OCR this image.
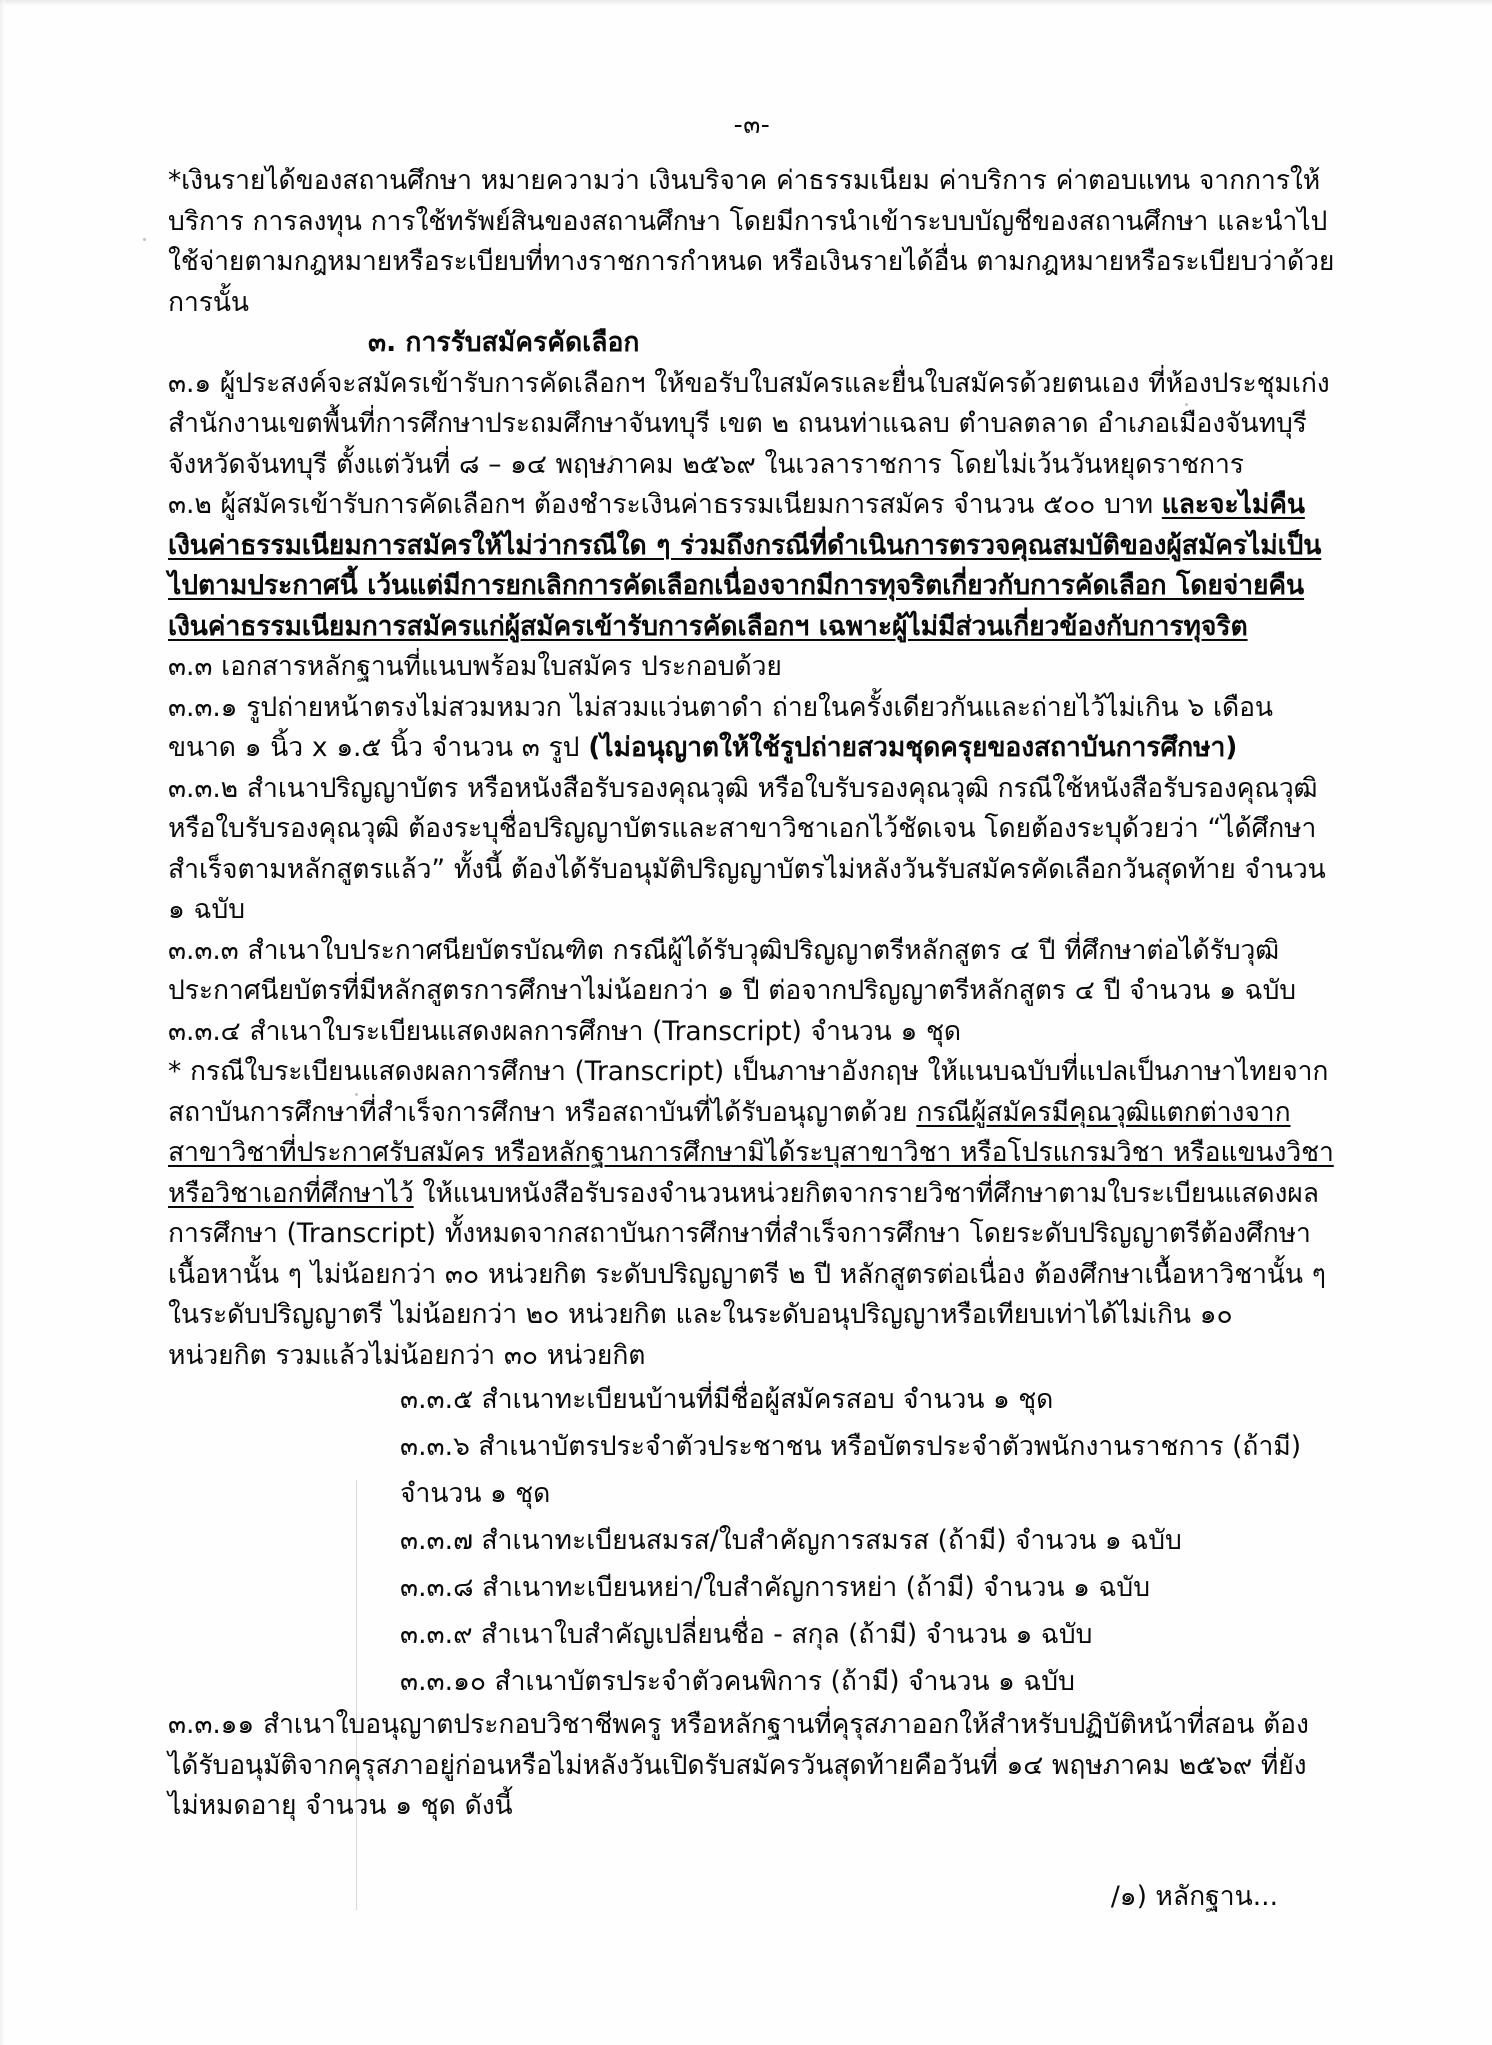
-๓-

*เงินรายได้ของสถานศึกษา หมายความว่า เงินบริจาค ค่าธรรมเนียม ค่าบริการ ค่าตอบแทน จากการให้บริการ การลงทุน การใช้ทรัพย์สินของสถานศึกษา โดยมีการนำเข้าระบบบัญชีของสถานศึกษา และนำไปใช้จ่ายตามกฎหมายหรือระเบียบที่ทางราชการกำหนด หรือเงินรายได้อื่น ตามกฎหมายหรือระเบียบว่าด้วยการนั้น

๓. การรับสมัครคัดเลือก

๓.๑ ผู้ประสงค์จะสมัครเข้ารับการคัดเลือกฯ ให้ขอรับใบสมัครและยื่นใบสมัครด้วยตนเอง ที่ห้องประชุมเก่ง สำนักงานเขตพื้นที่การศึกษาประถมศึกษาจันทบุรี เขต ๒ ถนนท่าแฉลบ ตำบลตลาด อำเภอเมืองจันทบุรี จังหวัดจันทบุรี ตั้งแต่วันที่ ๘ – ๑๔ พฤษภาคม ๒๕๖๙ ในเวลาราชการ โดยไม่เว้นวันหยุดราชการ

๓.๒ ผู้สมัครเข้ารับการคัดเลือกฯ ต้องชำระเงินค่าธรรมเนียมการสมัคร จำนวน ๕๐๐ บาท และจะไม่คืนเงินค่าธรรมเนียมการสมัครให้ไม่ว่ากรณีใด ๆ ร่วมถึงกรณีที่ดำเนินการตรวจคุณสมบัติของผู้สมัครไม่เป็นไปตามประกาศนี้ เว้นแต่มีการยกเลิกการคัดเลือกเนื่องจากมีการทุจริตเกี่ยวกับการคัดเลือก โดยจ่ายคืนเงินค่าธรรมเนียมการสมัครแก่ผู้สมัครเข้ารับการคัดเลือกฯ เฉพาะผู้ไม่มีส่วนเกี่ยวข้องกับการทุจริต

๓.๓ เอกสารหลักฐานที่แนบพร้อมใบสมัคร ประกอบด้วย

๓.๓.๑ รูปถ่ายหน้าตรงไม่สวมหมวก ไม่สวมแว่นตาดำ ถ่ายในครั้งเดียวกันและถ่ายไว้ไม่เกิน ๖ เดือน ขนาด ๑ นิ้ว x ๑.๕ นิ้ว จำนวน ๓ รูป (ไม่อนุญาตให้ใช้รูปถ่ายสวมชุดครุยของสถาบันการศึกษา)

๓.๓.๒ สำเนาปริญญาบัตร หรือหนังสือรับรองคุณวุฒิ หรือใบรับรองคุณวุฒิ กรณีใช้หนังสือรับรองคุณวุฒิหรือใบรับรองคุณวุฒิ ต้องระบุชื่อปริญญาบัตรและสาขาวิชาเอกไว้ชัดเจน โดยต้องระบุด้วยว่า “ได้ศึกษาสำเร็จตามหลักสูตรแล้ว” ทั้งนี้ ต้องได้รับอนุมัติปริญญาบัตรไม่หลังวันรับสมัครคัดเลือกวันสุดท้าย จำนวน ๑ ฉบับ

๓.๓.๓ สำเนาใบประกาศนียบัตรบัณฑิต กรณีผู้ได้รับวุฒิปริญญาตรีหลักสูตร ๔ ปี ที่ศึกษาต่อได้รับวุฒิประกาศนียบัตรที่มีหลักสูตรการศึกษาไม่น้อยกว่า ๑ ปี ต่อจากปริญญาตรีหลักสูตร ๔ ปี จำนวน ๑ ฉบับ

๓.๓.๔ สำเนาใบระเบียนแสดงผลการศึกษา (Transcript) จำนวน ๑ ชุด

* กรณีใบระเบียนแสดงผลการศึกษา (Transcript) เป็นภาษาอังกฤษ ให้แนบฉบับที่แปลเป็นภาษาไทยจากสถาบันการศึกษาที่สำเร็จการศึกษา หรือสถาบันที่ได้รับอนุญาตด้วย กรณีผู้สมัครมีคุณวุฒิแตกต่างจากสาขาวิชาที่ประกาศรับสมัคร หรือหลักฐานการศึกษามิได้ระบุสาขาวิชา หรือโปรแกรมวิชา หรือแขนงวิชา หรือวิชาเอกที่ศึกษาไว้ ให้แนบหนังสือรับรองจำนวนหน่วยกิตจากรายวิชาที่ศึกษาตามใบระเบียนแสดงผลการศึกษา (Transcript) ทั้งหมดจากสถาบันการศึกษาที่สำเร็จการศึกษา โดยระดับปริญญาตรีต้องศึกษาเนื้อหานั้น ๆ ไม่น้อยกว่า ๓๐ หน่วยกิต ระดับปริญญาตรี ๒ ปี หลักสูตรต่อเนื่อง ต้องศึกษาเนื้อหาวิชานั้น ๆ ในระดับปริญญาตรี ไม่น้อยกว่า ๒๐ หน่วยกิต และในระดับอนุปริญญาหรือเทียบเท่าได้ไม่เกิน ๑๐ หน่วยกิต รวมแล้วไม่น้อยกว่า ๓๐ หน่วยกิต

๓.๓.๕ สำเนาทะเบียนบ้านที่มีชื่อผู้สมัครสอบ จำนวน ๑ ชุด

๓.๓.๖ สำเนาบัตรประจำตัวประชาชน หรือบัตรประจำตัวพนักงานราชการ (ถ้ามี) จำนวน ๑ ชุด

๓.๓.๗ สำเนาทะเบียนสมรส/ใบสำคัญการสมรส (ถ้ามี) จำนวน ๑ ฉบับ

๓.๓.๘ สำเนาทะเบียนหย่า/ใบสำคัญการหย่า (ถ้ามี) จำนวน ๑ ฉบับ

๓.๓.๙ สำเนาใบสำคัญเปลี่ยนชื่อ - สกุล (ถ้ามี) จำนวน ๑ ฉบับ

๓.๓.๑๐ สำเนาบัตรประจำตัวคนพิการ (ถ้ามี) จำนวน ๑ ฉบับ

๓.๓.๑๑ สำเนาใบอนุญาตประกอบวิชาชีพครู หรือหลักฐานที่คุรุสภาออกให้สำหรับปฏิบัติหน้าที่สอน ต้องได้รับอนุมัติจากคุรุสภาอยู่ก่อนหรือไม่หลังวันเปิดรับสมัครวันสุดท้ายคือวันที่ ๑๔ พฤษภาคม ๒๕๖๙ ที่ยังไม่หมดอายุ จำนวน ๑ ชุด ดังนี้

/๑) หลักฐาน...
